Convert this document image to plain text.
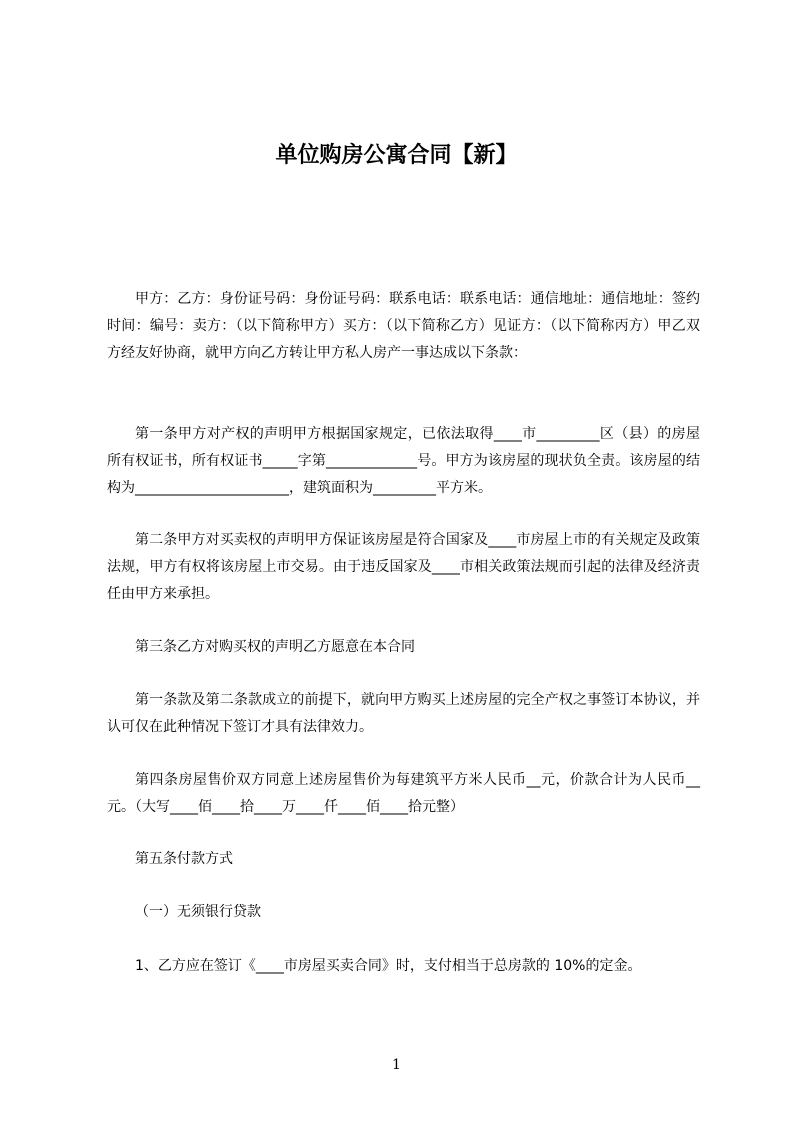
单位购房公寓合同【新】

甲方：乙方：身份证号码：身份证号码：联系电话：联系电话：通信地址：通信地址：签约时间：编号：卖方：（以下简称甲方）买方：（以下简称乙方）见证方：（以下简称丙方）甲乙双方经友好协商，就甲方向乙方转让甲方私人房产一事达成以下条款：

第一条甲方对产权的声明甲方根据国家规定，已依法取得____市_________区（县）的房屋所有权证书，所有权证书_____字第_____________号。甲方为该房屋的现状负全责。该房屋的结构为______________________，建筑面积为_________平方米。

第二条甲方对买卖权的声明甲方保证该房屋是符合国家及____市房屋上市的有关规定及政策法规，甲方有权将该房屋上市交易。由于违反国家及____市相关政策法规而引起的法律及经济责任由甲方来承担。

第三条乙方对购买权的声明乙方愿意在本合同

第一条款及第二条款成立的前提下，就向甲方购买上述房屋的完全产权之事签订本协议，并认可仅在此种情况下签订才具有法律效力。

第四条房屋售价双方同意上述房屋售价为每建筑平方米人民币__元，价款合计为人民币__元。（大写____佰____拾____万____仟____佰____拾元整）

第五条付款方式

（一）无须银行贷款

1、乙方应在签订《____市房屋买卖合同》时，支付相当于总房款的 10%的定金。

1
